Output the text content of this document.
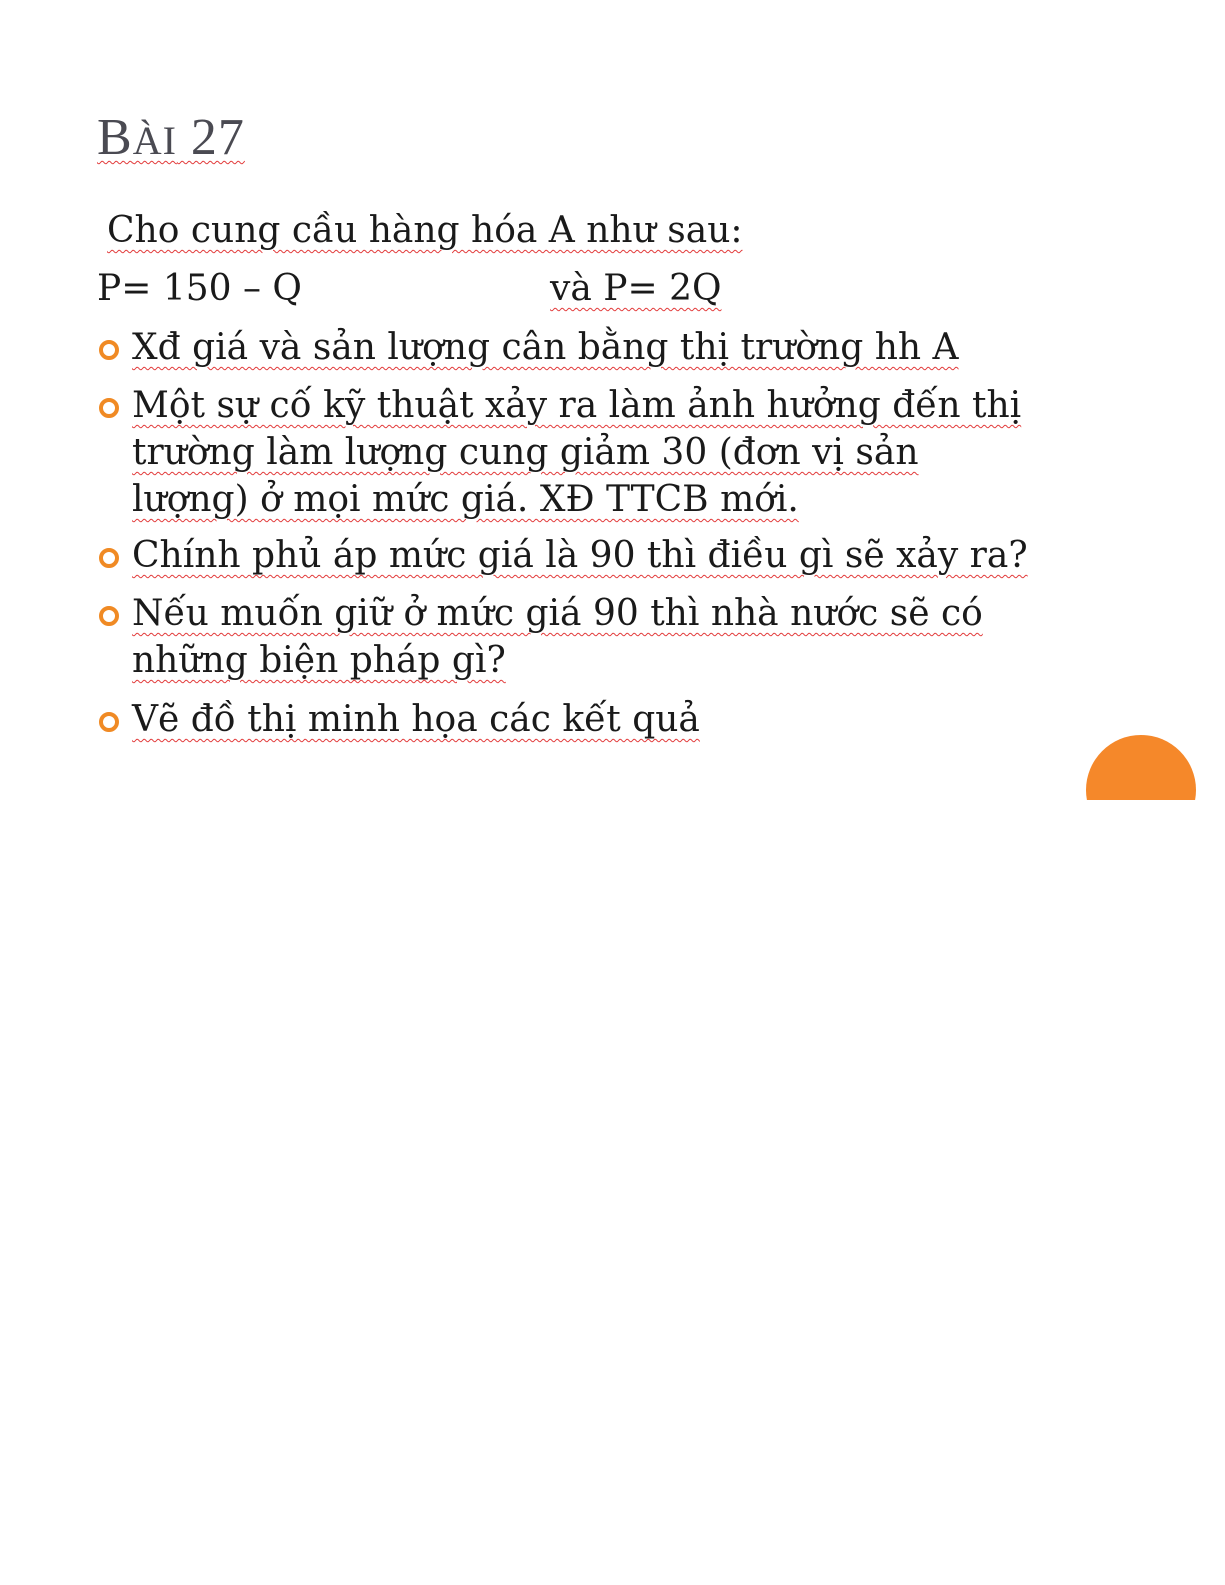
BÀI 27
Cho cung cầu hàng hóa A như sau:
P= 150 – Q	và P= 2Q
Xđ giá và sản lượng cân bằng thị trường hh A
Một sự cố kỹ thuật xảy ra làm ảnh hưởng đến thị
trường làm lượng cung giảm 30 (đơn vị sản
lượng) ở mọi mức giá. XĐ TTCB mới.
Chính phủ áp mức giá là 90 thì điều gì sẽ xảy ra?
Nếu muốn giữ ở mức giá 90 thì nhà nước sẽ có
những biện pháp gì?
Vẽ đồ thị minh họa các kết quả
